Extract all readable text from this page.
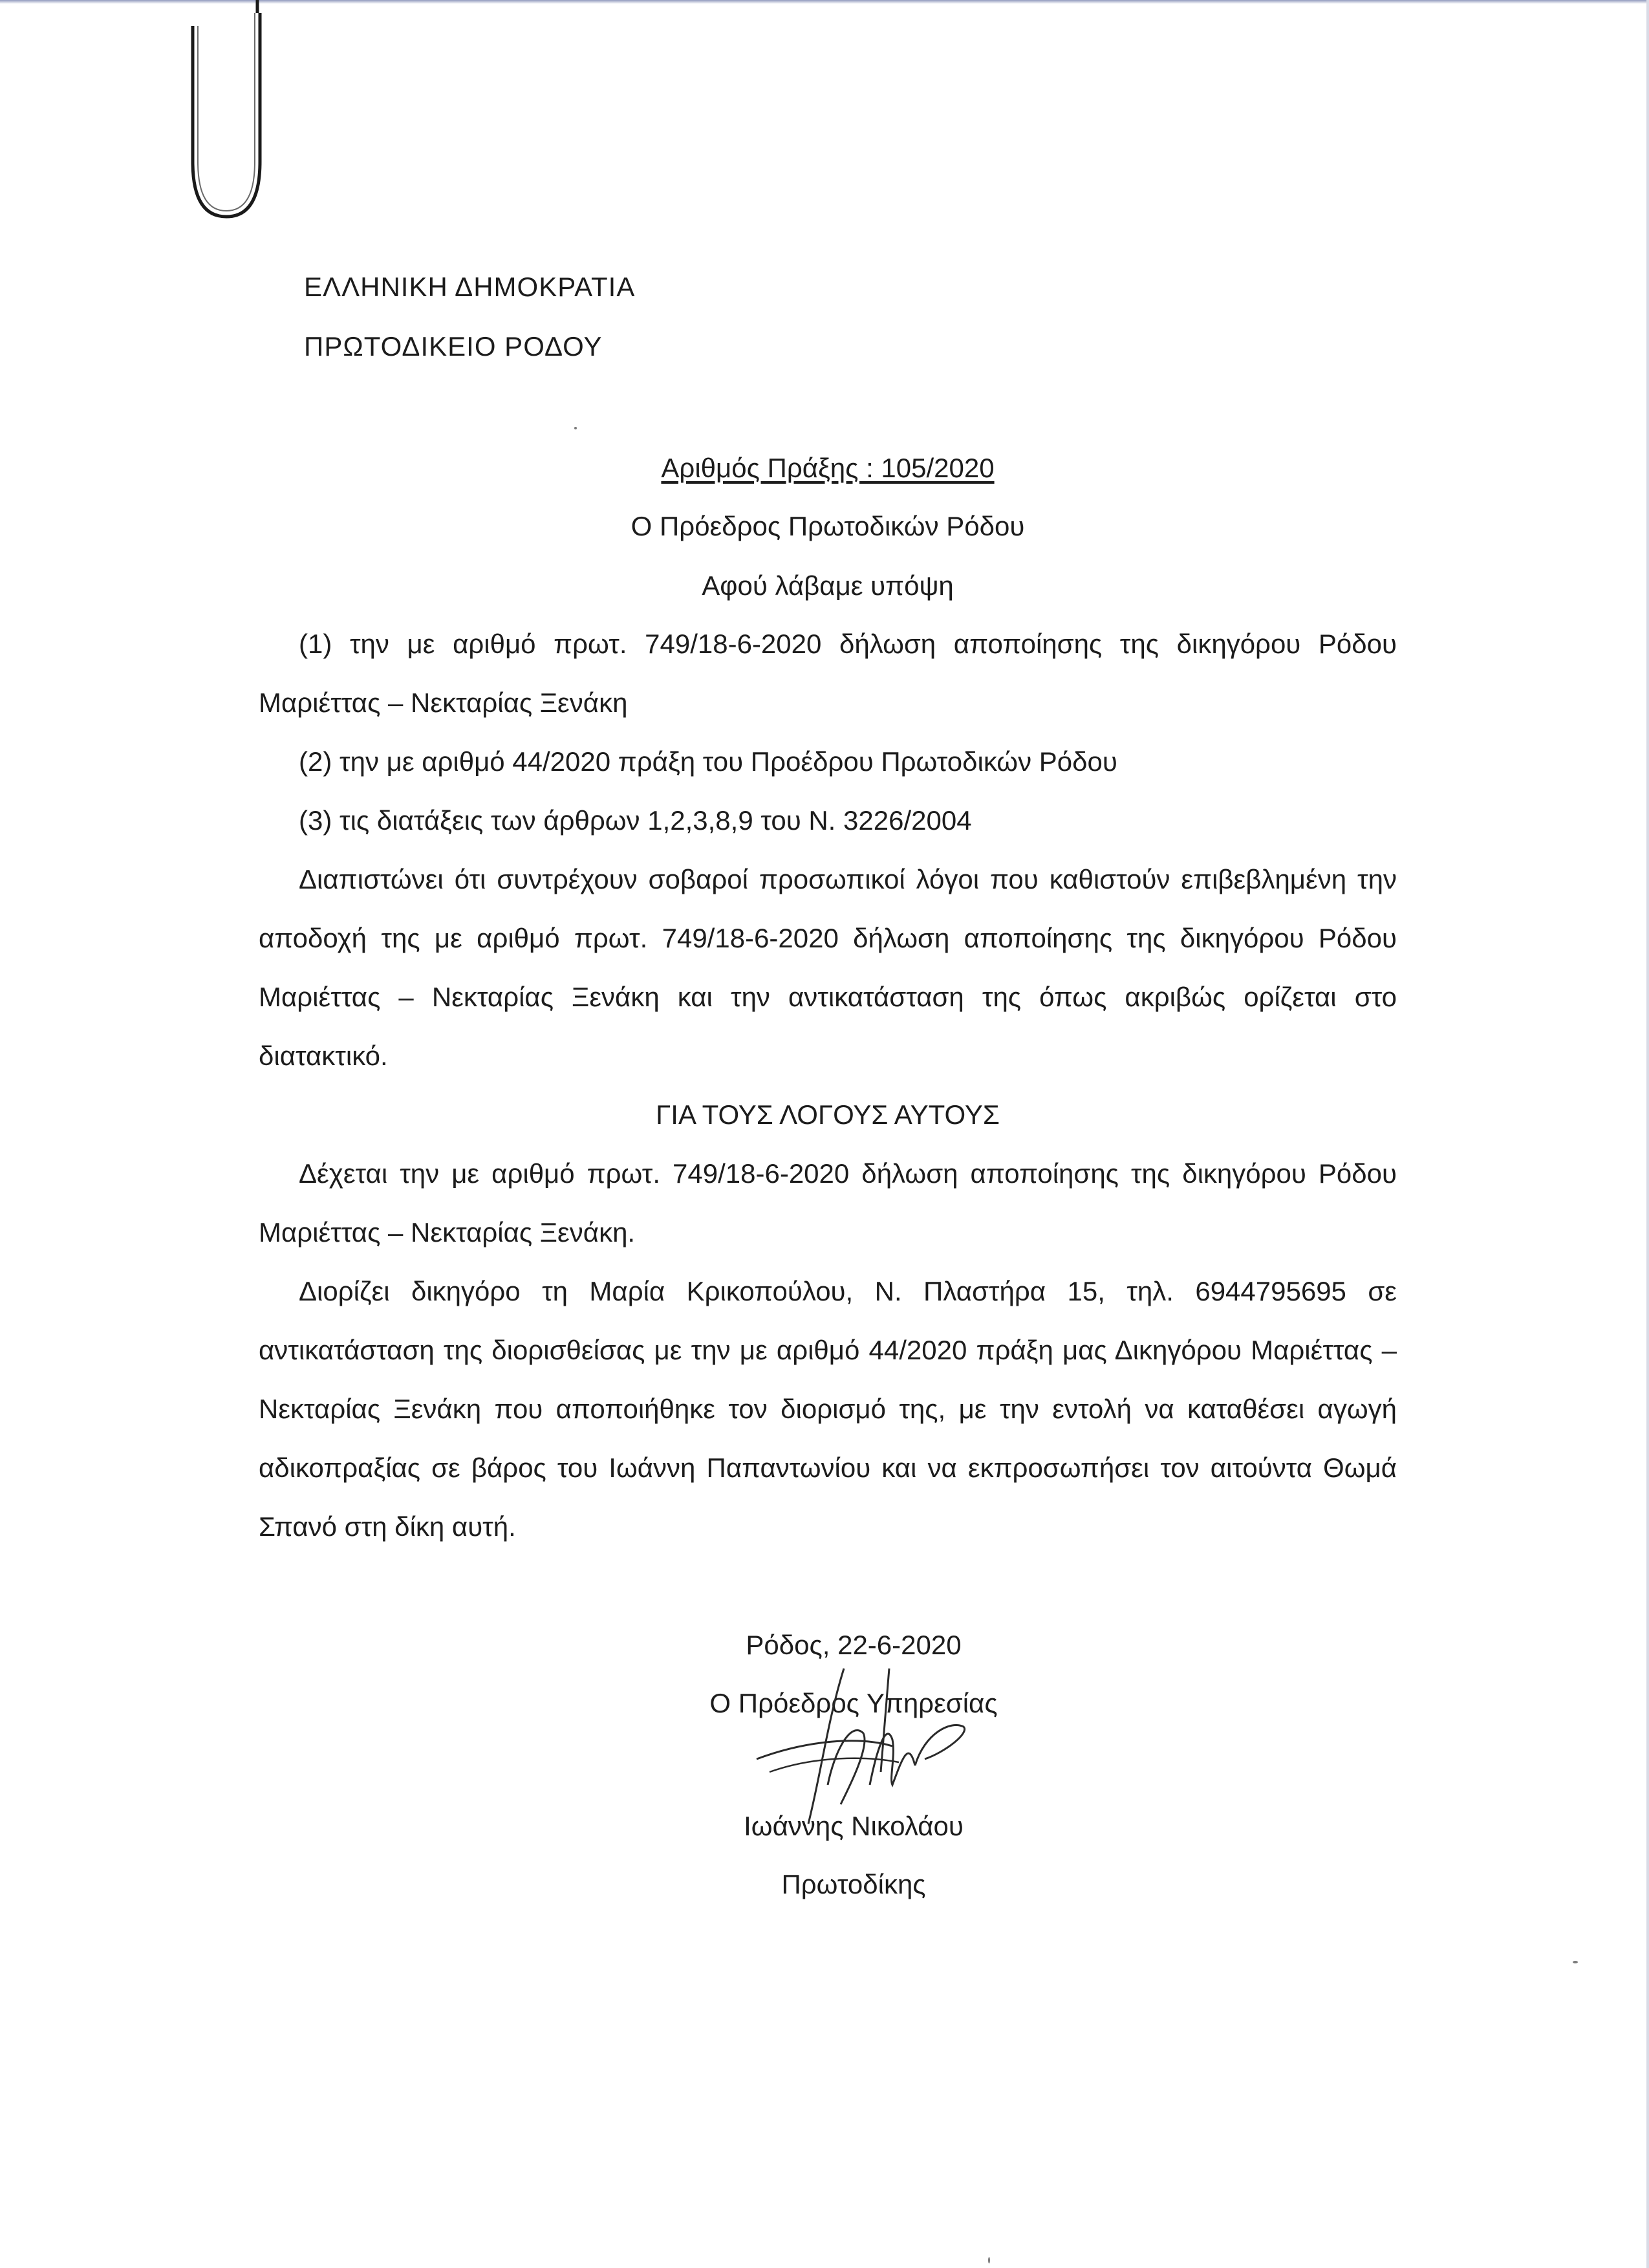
ΕΛΛΗΝΙΚΗ ΔΗΜΟΚΡΑΤΙΑ
ΠΡΩΤΟΔΙΚΕΙΟ ΡΟΔΟΥ
Αριθμός Πράξης : 105/2020
Ο Πρόεδρος Πρωτοδικών Ρόδου
Αφού λάβαμε υπόψη

(1) την με αριθμό πρωτ. 749/18-6-2020 δήλωση αποποίησης της δικηγόρου Ρόδου Μαριέττας – Νεκταρίας Ξενάκη

(2) την με αριθμό 44/2020 πράξη του Προέδρου Πρωτοδικών Ρόδου

(3) τις διατάξεις των άρθρων 1,2,3,8,9 του Ν. 3226/2004

Διαπιστώνει ότι συντρέχουν σοβαροί προσωπικοί λόγοι που καθιστούν επιβεβλημένη την αποδοχή της με αριθμό πρωτ. 749/18-6-2020 δήλωση αποποίησης της δικηγόρου Ρόδου Μαριέττας – Νεκταρίας Ξενάκη και την αντικατάσταση της όπως ακριβώς ορίζεται στο διατακτικό.

ΓΙΑ ΤΟΥΣ ΛΟΓΟΥΣ ΑΥΤΟΥΣ

Δέχεται την με αριθμό πρωτ. 749/18-6-2020 δήλωση αποποίησης της δικηγόρου Ρόδου Μαριέττας – Νεκταρίας Ξενάκη.

Διορίζει δικηγόρο τη Μαρία Κρικοπούλου, Ν. Πλαστήρα 15, τηλ. 6944795695 σε αντικατάσταση της διορισθείσας με την με αριθμό 44/2020 πράξη μας Δικηγόρου Μαριέττας – Νεκταρίας Ξενάκη που αποποιήθηκε τον διορισμό της, με την εντολή να καταθέσει αγωγή αδικοπραξίας σε βάρος του Ιωάννη Παπαντωνίου και να εκπροσωπήσει τον αιτούντα Θωμά Σπανό στη δίκη αυτή.

Ρόδος, 22-6-2020
Ο Πρόεδρος Υπηρεσίας
Ιωάννης Νικολάου
Πρωτοδίκης
